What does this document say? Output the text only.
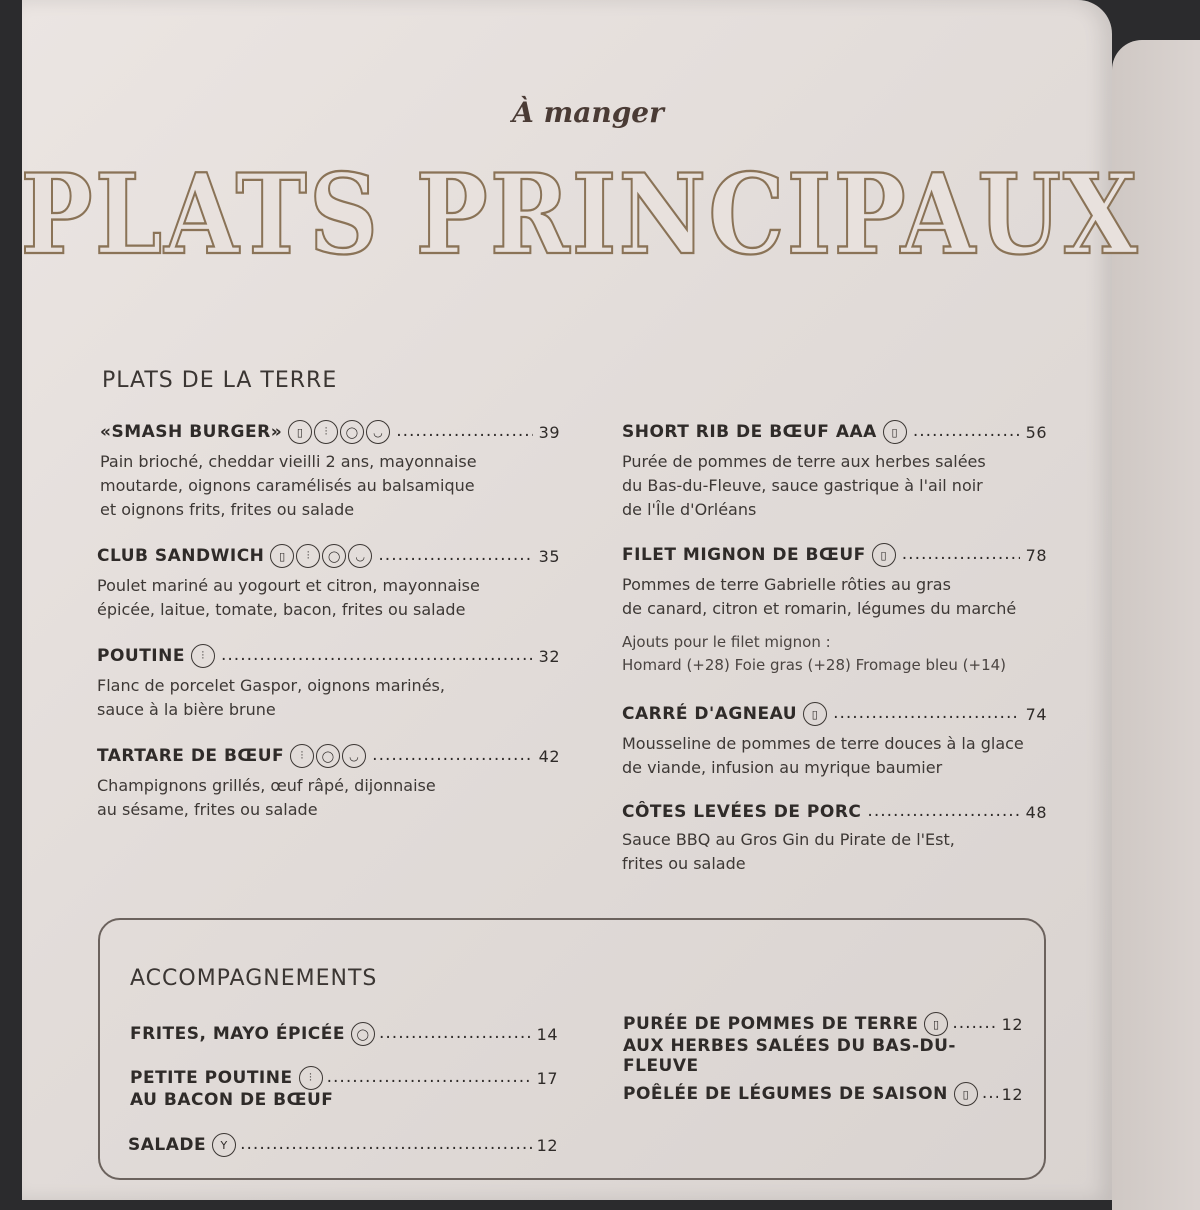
À manger
PLATS PRINCIPAUX
PLATS DE LA TERRE
«SMASH BURGER»	▯	⫶	◯	◡ .....	39
Pain brioché, cheddar vieilli 2 ans, mayonnaise
moutarde, oignons caramélisés au balsamique
et oignons frits, frites ou salade
CLUB SANDWICH	▯	⫶	◯	◡ .....	35
Poulet mariné au yogourt et citron, mayonnaise
épicée, laitue, tomate, bacon, frites ou salade
POUTINE	⫶ .....	32
Flanc de porcelet Gaspor, oignons marinés,
sauce à la bière brune
TARTARE DE BŒUF	⫶	◯	◡ .....	42
Champignons grillés, œuf râpé, dijonnaise
au sésame, frites ou salade
SHORT RIB DE BŒUF AAA	▯ .....	56
Purée de pommes de terre aux herbes salées
du Bas-du-Fleuve, sauce gastrique à l'ail noir
de l'Île d'Orléans
FILET MIGNON DE BŒUF	▯ .....	78
Pommes de terre Gabrielle rôties au gras
de canard, citron et romarin, légumes du marché
Ajouts pour le filet mignon :
Homard (+28) Foie gras (+28) Fromage bleu (+14)
CARRÉ D'AGNEAU	▯ .....	74
Mousseline de pommes de terre douces à la glace
de viande, infusion au myrique baumier
CÔTES LEVÉES DE PORC .....	48
Sauce BBQ au Gros Gin du Pirate de l'Est,
frites ou salade
ACCOMPAGNEMENTS
FRITES, MAYO ÉPICÉE	◯ .....	14
PETITE POUTINE	⫶ .....	17
AU BACON DE BŒUF
SALADE	Y .....	12
PURÉE DE POMMES DE TERRE	▯ .....	12
AUX HERBES SALÉES DU BAS-DU-FLEUVE
POÊLÉE DE LÉGUMES DE SAISON	▯ .....	12
